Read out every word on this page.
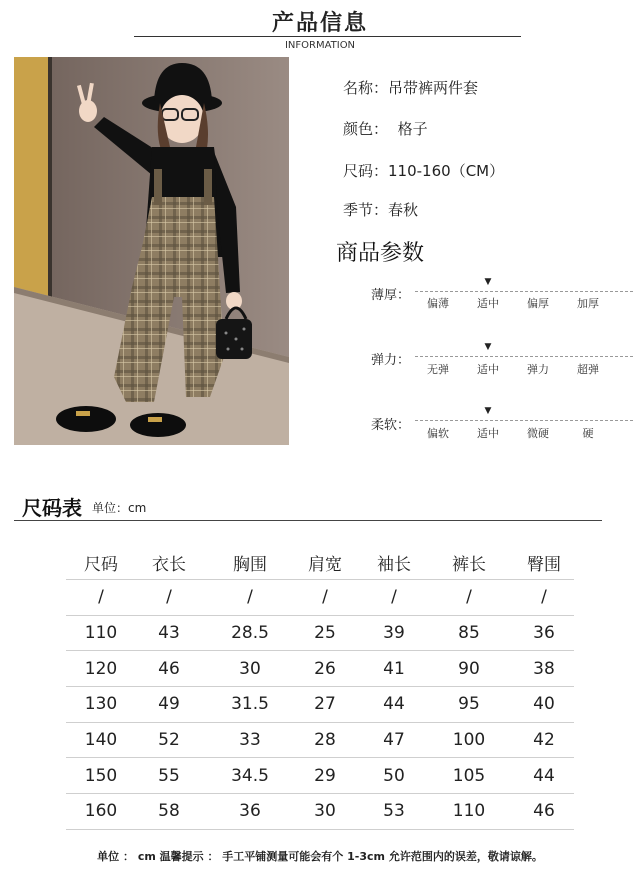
产品信息
INFORMATION
名称：吊带裤两件套
颜色： 格子
尺码：110-160（CM）
季节：春秋
商品参数
薄厚：
▼
偏薄	适中	偏厚	加厚
弹力：
▼
无弹	适中	弹力	超弹
柔软：
▼
偏软	适中	微硬	硬
尺码表 单位：cm
尺码	衣长	胸围	肩宽	袖长	裤长	臀围
/	/	/	/	/	/	/
110	43	28.5	25	39	85	36
120	46	30	26	41	90	38
130	49	31.5	27	44	95	40
140	52	33	28	47	100	42
150	55	34.5	29	50	105	44
160	58	36	30	53	110	46
单位 ： cm 温馨提示 ： 手工平铺测量可能会有个 1-3cm 允许范围内的误差，敬请谅解。
